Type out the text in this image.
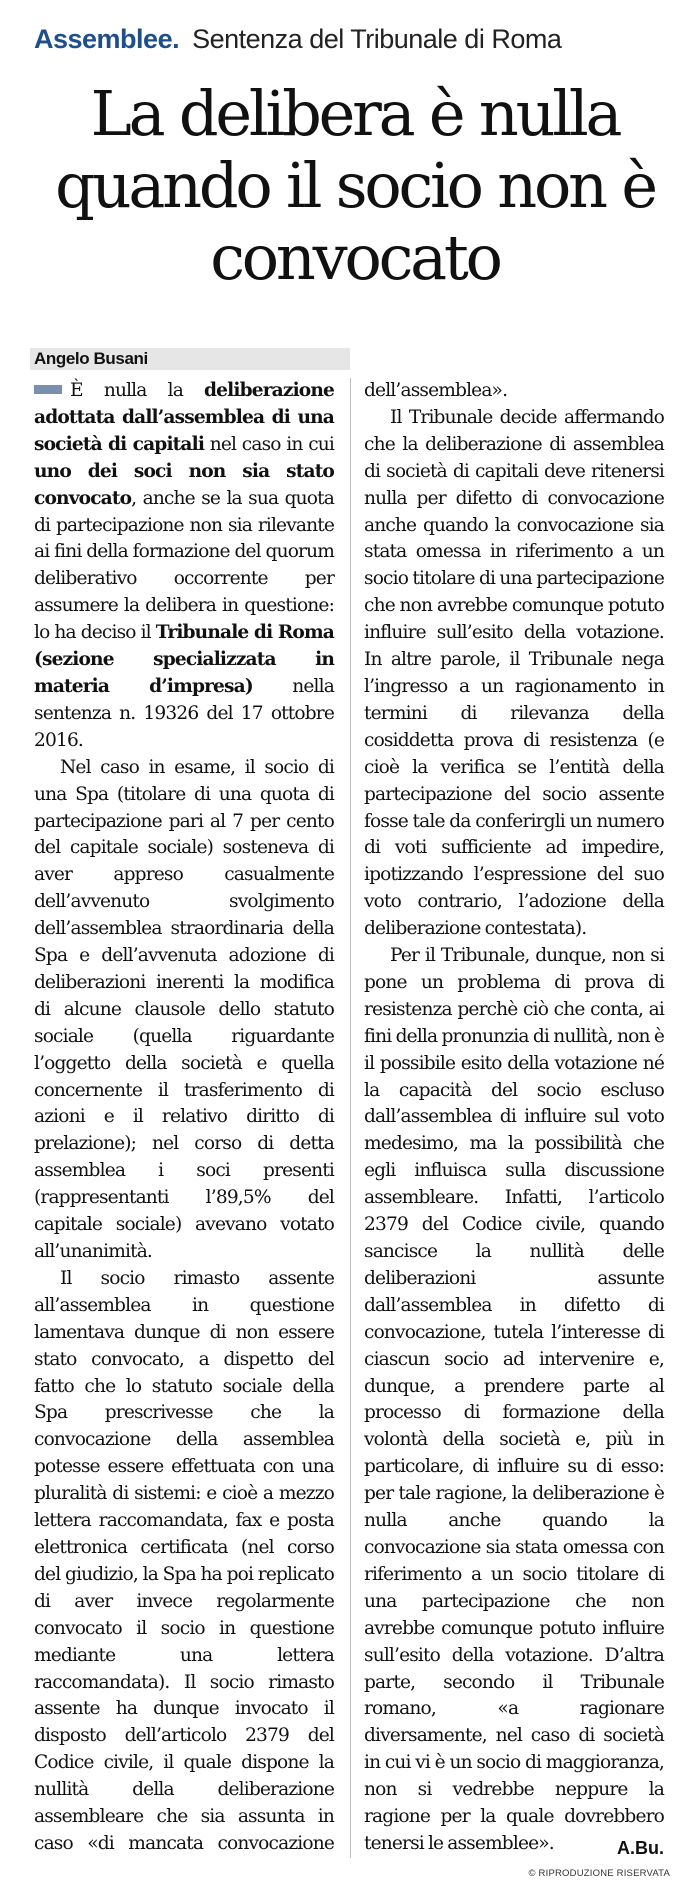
Assemblee. Sentenza del Tribunale di Roma
La delibera è nulla quando il socio non è convocato
Angelo Busani

È nulla la deliberazione adottata dall’assemblea di una società di capitali nel caso in cui uno dei soci non sia stato convocato, anche se la sua quota di partecipazione non sia rilevante ai fini della formazione del quorum deliberativo occorrente per assumere la delibera in questione: lo ha deciso il Tribunale di Roma (sezione specializzata in materia d’impresa) nella sentenza n. 19326 del 17 ottobre 2016.

Nel caso in esame, il socio di una Spa (titolare di una quota di partecipazione pari al 7 per cento del capitale sociale) sosteneva di aver appreso casualmente dell’avvenuto svolgimento dell’assemblea straordinaria della Spa e dell’avvenuta adozione di deliberazioni inerenti la modifica di alcune clausole dello statuto sociale (quella riguardante l’oggetto della società e quella concernente il trasferimento di azioni e il relativo diritto di prelazione); nel corso di detta assemblea i soci presenti (rappresentanti l’89,5% del capitale sociale) avevano votato all’unanimità.

Il socio rimasto assente all’assemblea in questione lamentava dunque di non essere stato convocato, a dispetto del fatto che lo statuto sociale della Spa prescrivesse che la convocazione della assemblea potesse essere effettuata con una pluralità di sistemi: e cioè a mezzo lettera raccomandata, fax e posta elettronica certificata (nel corso del giudizio, la Spa ha poi replicato di aver invece regolarmente convocato il socio in questione mediante una lettera raccomandata). Il socio rimasto assente ha dunque invocato il disposto dell’articolo 2379 del Codice civile, il quale dispone la nullità della deliberazione assembleare che sia assunta in caso «di mancata convocazione

dell’assemblea».

Il Tribunale decide affermando che la deliberazione di assemblea di società di capitali deve ritenersi nulla per difetto di convocazione anche quando la convocazione sia stata omessa in riferimento a un socio titolare di una partecipazione che non avrebbe comunque potuto influire sull’esito della votazione. In altre parole, il Tribunale nega l’ingresso a un ragionamento in termini di rilevanza della cosiddetta prova di resistenza (e cioè la verifica se l’entità della partecipazione del socio assente fosse tale da conferirgli un numero di voti sufficiente ad impedire, ipotizzando l’espressione del suo voto contrario, l’adozione della deliberazione contestata).

Per il Tribunale, dunque, non si pone un problema di prova di resistenza perchè ciò che conta, ai fini della pronunzia di nullità, non è il possibile esito della votazione né la capacità del socio escluso dall’assemblea di influire sul voto medesimo, ma la possibilità che egli influisca sulla discussione assembleare. Infatti, l’articolo 2379 del Codice civile, quando sancisce la nullità delle deliberazioni assunte dall’assemblea in difetto di convocazione, tutela l’interesse di ciascun socio ad intervenire e, dunque, a prendere parte al processo di formazione della volontà della società e, più in particolare, di influire su di esso: per tale ragione, la deliberazione è nulla anche quando la convocazione sia stata omessa con riferimento a un socio titolare di una partecipazione che non avrebbe comunque potuto influire sull’esito della votazione. D’altra parte, secondo il Tribunale romano, «a ragionare diversamente, nel caso di società in cui vi è un socio di maggioranza, non si vedrebbe neppure la ragione per la quale dovrebbero tenersi le assemblee».	A.Bu.
© RIPRODUZIONE RISERVATA
